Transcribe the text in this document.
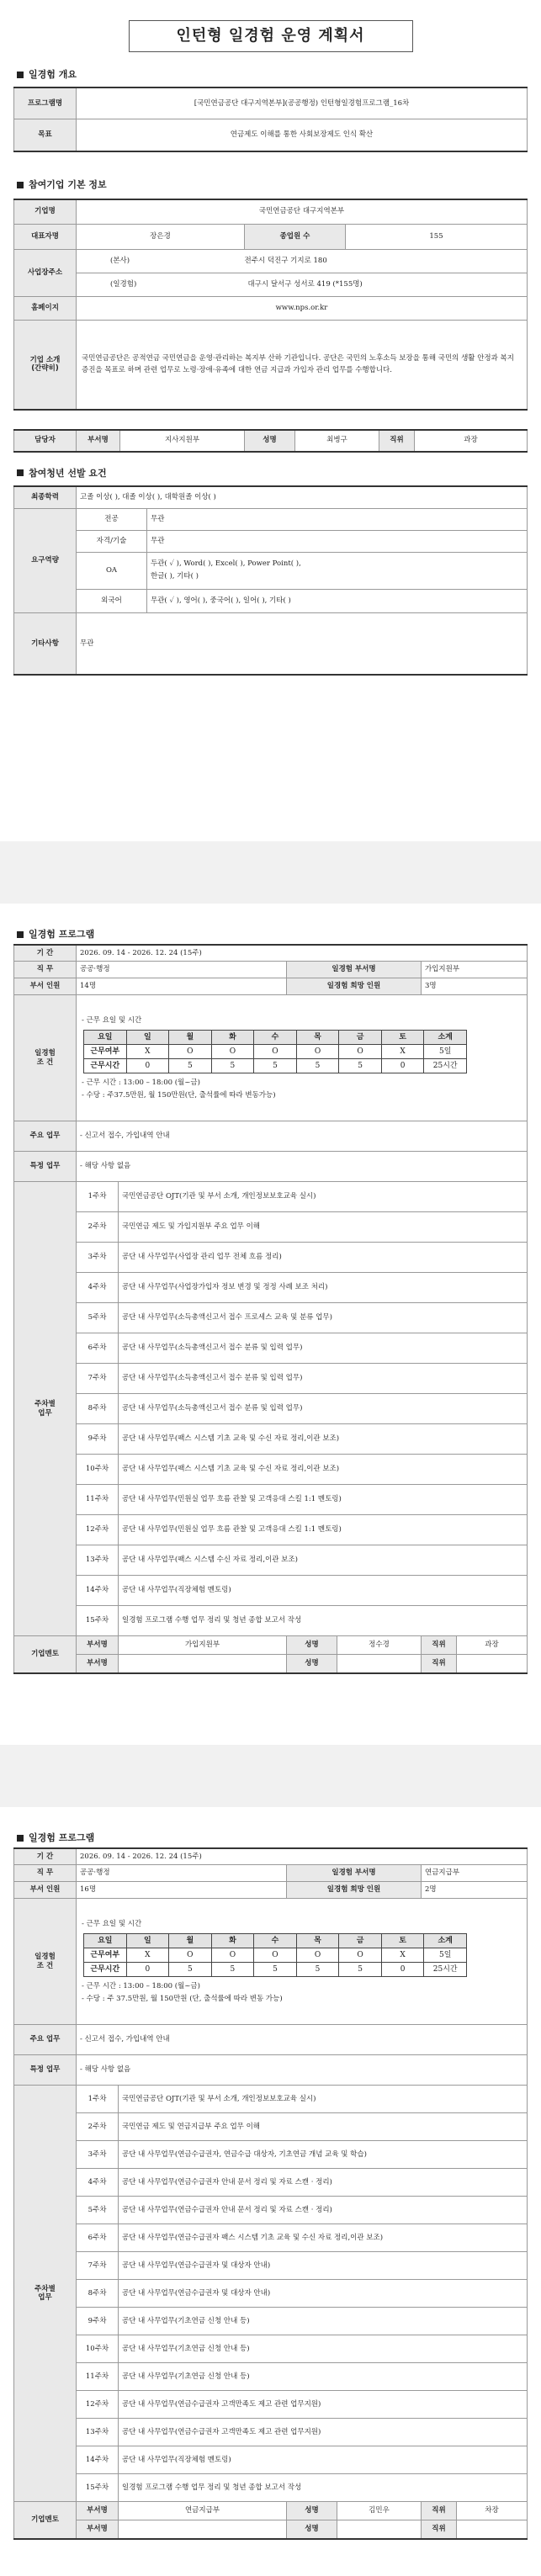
인턴형 일경험 운영 계획서
일경험 개요
프로그램명	[국민연금공단 대구지역본부](공공행정) 인턴형일경험프로그램_16차
목표	연금제도 이해를 통한 사회보장제도 인식 확산
참여기업 기본 정보
기업명	국민연금공단 대구지역본부		
대표자명	장은경	종업원 수	155
사업장주소	(본사)	전주시 덕진구 기지로 180	
	(일경험)	대구시 달서구 성서로 419 (*155명)	
홈페이지	www.nps.or.kr		

기업 소개
(간략히)	국민연금공단은 공적연금 국민연금을 운영·관리하는 복지부 산하 기관입니다. 공단은 국민의 노후소득 보장을 통해 국민의 생활 안정과 복지 증진을 목표로 하며 관련 업무로 노령·장애·유족에 대한 연금 지급과 가입자 관리 업무를 수행합니다.		
담당자	부서명	지사지원부	성명	최병구	직위	과장
참여청년 선발 요건
최종학력	고졸 이상( ), 대졸 이상( ), 대학원졸 이상( )	
요구역량	전공	무관
	자격/기술	무관
	OA	두관( ✓ ), Word( ), Excel( ), Power Point( ),
한글( ), 기타( )

	외국어	무관( ✓ ), 영어( ), 중국어( ), 일어( ), 기타( )
기타사항	무관	
일경험 프로그램
기 간	2026. 09. 14 - 2026. 12. 24 (15주)
직 무	공공·행정	일경험 부서명	가입지원부
부서 인원	14명	일경험 희망 인원	3명

일경험
조 건

- 근무 요일 및 시간
요일	일	월	화	수	목	금	토	소계
근무여부	X	O	O	O	O	O	X	5일
근무시간	0	5	5	5	5	5	0	25시간
- 근무 시간 : 13:00 – 18:00 (월~금)
- 수당 : 주37.5만원, 월 150만원(단, 출석률에 따라 변동가능)

주요 업무	- 신고서 접수, 가입내역 안내
특정 업무	- 해당 사항 없음

주차별
업무
	1주차	국민연금공단 OJT(기관 및 부서 소개, 개인정보보호교육 실시)
2주차	국민연금 제도 및 가입지원부 주요 업무 이해
3주차	공단 내 사무업무(사업장 관리 업무 전체 흐름 정리)
4주차	공단 내 사무업무(사업장가입자 정보 변경 및 정정 사례 보조 처리)
5주차	공단 내 사무업무(소득총액신고서 접수 프로세스 교육 및 분류 업무)
6주차	공단 내 사무업무(소득총액신고서 접수 분류 및 입력 업무)
7주차	공단 내 사무업무(소득총액신고서 접수 분류 및 입력 업무)
8주차	공단 내 사무업무(소득총액신고서 접수 분류 및 입력 업무)
9주차	공단 내 사무업무(팩스 시스템 기초 교육 및 수신 자료 정리,이관 보조)
10주차	공단 내 사무업무(팩스 시스템 기초 교육 및 수신 자료 정리,이관 보조)
11주차	공단 내 사무업무(민원실 업무 흐름 관찰 및 고객응대 스킬 1:1 멘토링)
12주차	공단 내 사무업무(민원실 업무 흐름 관찰 및 고객응대 스킬 1:1 멘토링)
13주차	공단 내 사무업무(팩스 시스템 수신 자료 정리,이관 보조)
14주차	공단 내 사무업무(직장체험 멘토링)
15주차	일경험 프로그램 수행 업무 정리 및 청년 종합 보고서 작성
기업멘토	부서명	가입지원부	성명	정수경	직위	과장
부서명		성명		직위	
일경험 프로그램
기 간	2026. 09. 14 - 2026. 12. 24 (15주)
직 무	공공·행정	일경험 부서명	연금지급부
부서 인원	16명	일경험 희망 인원	2명

일경험
조 건

- 근무 요일 및 시간
요일	일	월	화	수	목	금	토	소계
근무여부	X	O	O	O	O	O	X	5일
근무시간	0	5	5	5	5	5	0	25시간
- 근무 시간 : 13:00 – 18:00 (월~금)
- 수당 : 주 37.5만원, 월 150만원 (단, 출석률에 따라 변동 가능)

주요 업무	- 신고서 접수, 가입내역 안내
특정 업무	- 해당 사항 없음

주차별
업무
	1주차	국민연금공단 OJT(기관 및 부서 소개, 개인정보보호교육 실시)
2주차	국민연금 제도 및 연금지급부 주요 업무 이해
3주차	공단 내 사무업무(연금수급권자, 연금수급 대상자, 기초연금 개념 교육 및 학습)
4주차	공단 내 사무업무(연금수급권자 안내 문서 정리 및 자료 스캔 · 정리)
5주차	공단 내 사무업무(연금수급권자 안내 문서 정리 및 자료 스캔 · 정리)
6주차	공단 내 사무업무(연금수급권자 팩스 시스템 기초 교육 및 수신 자료 정리,이관 보조)
7주차	공단 내 사무업무(연금수급권자 및 대상자 안내)
8주차	공단 내 사무업무(연금수급권자 및 대상자 안내)
9주차	공단 내 사무업무(기초연금 신청 안내 등)
10주차	공단 내 사무업무(기초연금 신청 안내 등)
11주차	공단 내 사무업무(기초연금 신청 안내 등)
12주차	공단 내 사무업무(연금수급권자 고객만족도 제고 관련 업무지원)
13주차	공단 내 사무업무(연금수급권자 고객만족도 제고 관련 업무지원)
14주차	공단 내 사무업무(직장체험 멘토링)
15주차	일경험 프로그램 수행 업무 정리 및 청년 종합 보고서 작성
기업멘토	부서명	연금지급부	성명	김민우	직위	차장
부서명		성명		직위	
